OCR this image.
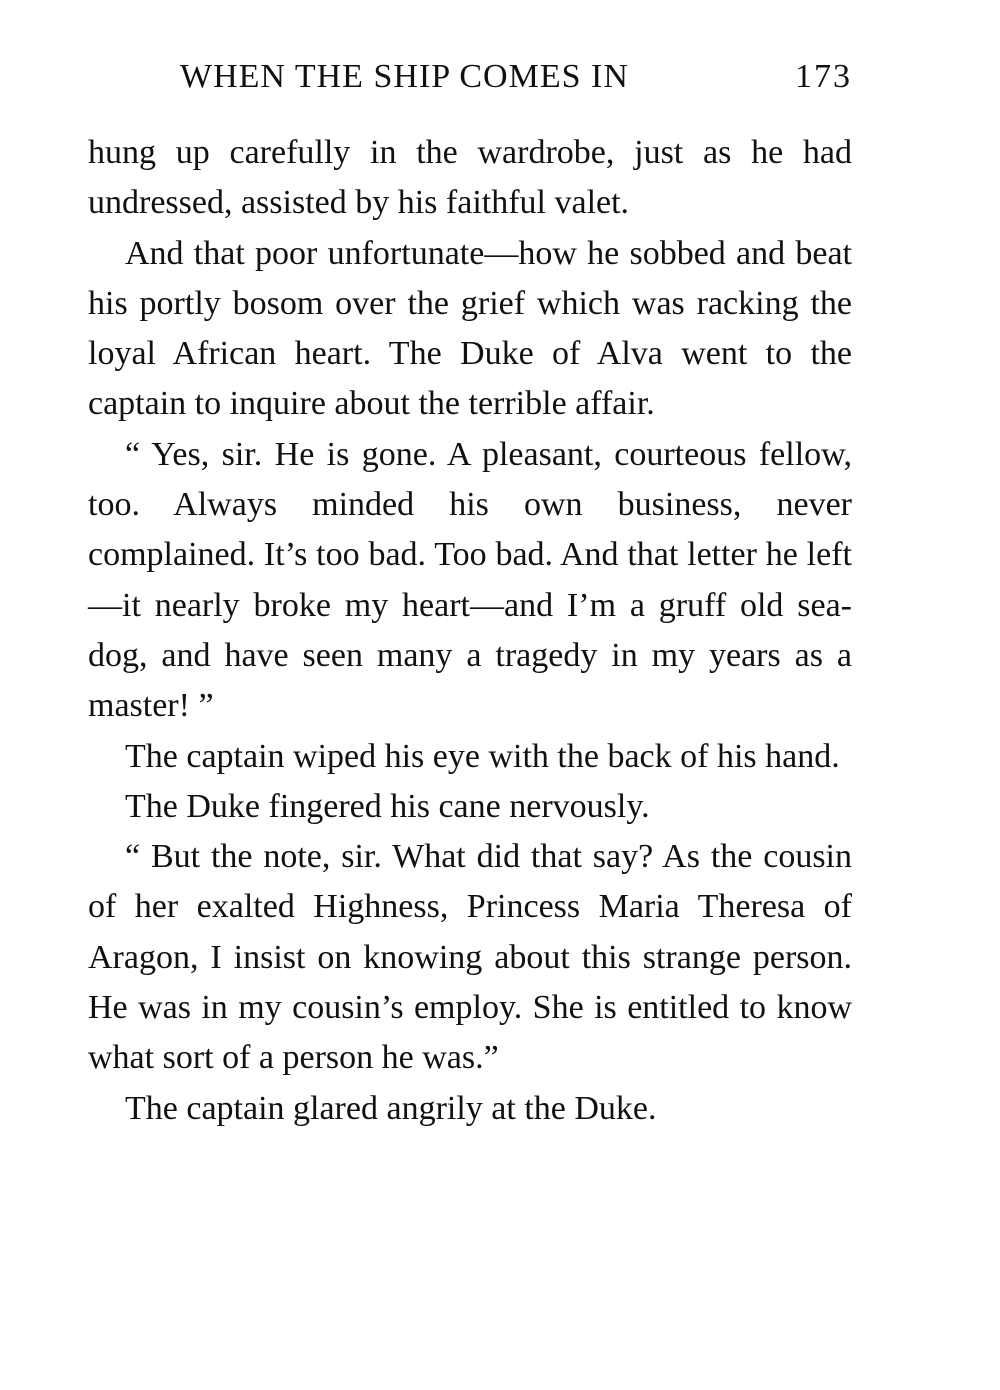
WHEN THE SHIP COMES IN	173

hung up carefully in the wardrobe, just as he had undressed, assisted by his faithful valet.

And that poor unfortunate—how he sobbed and beat his portly bosom over the grief which was racking the loyal African heart. The Duke of Alva went to the captain to inquire about the terrible affair.

“ Yes, sir. He is gone. A pleasant, courteous fellow, too. Always minded his own business, never complained. It’s too bad. Too bad. And that letter he left—it nearly broke my heart—and I’m a gruff old sea-dog, and have seen many a tragedy in my years as a master! ”

The captain wiped his eye with the back of his hand.

The Duke fingered his cane nervously.

“ But the note, sir. What did that say? As the cousin of her exalted Highness, Princess Maria Theresa of Aragon, I insist on knowing about this strange person. He was in my cousin’s employ. She is entitled to know what sort of a person he was.”

The captain glared angrily at the Duke.
